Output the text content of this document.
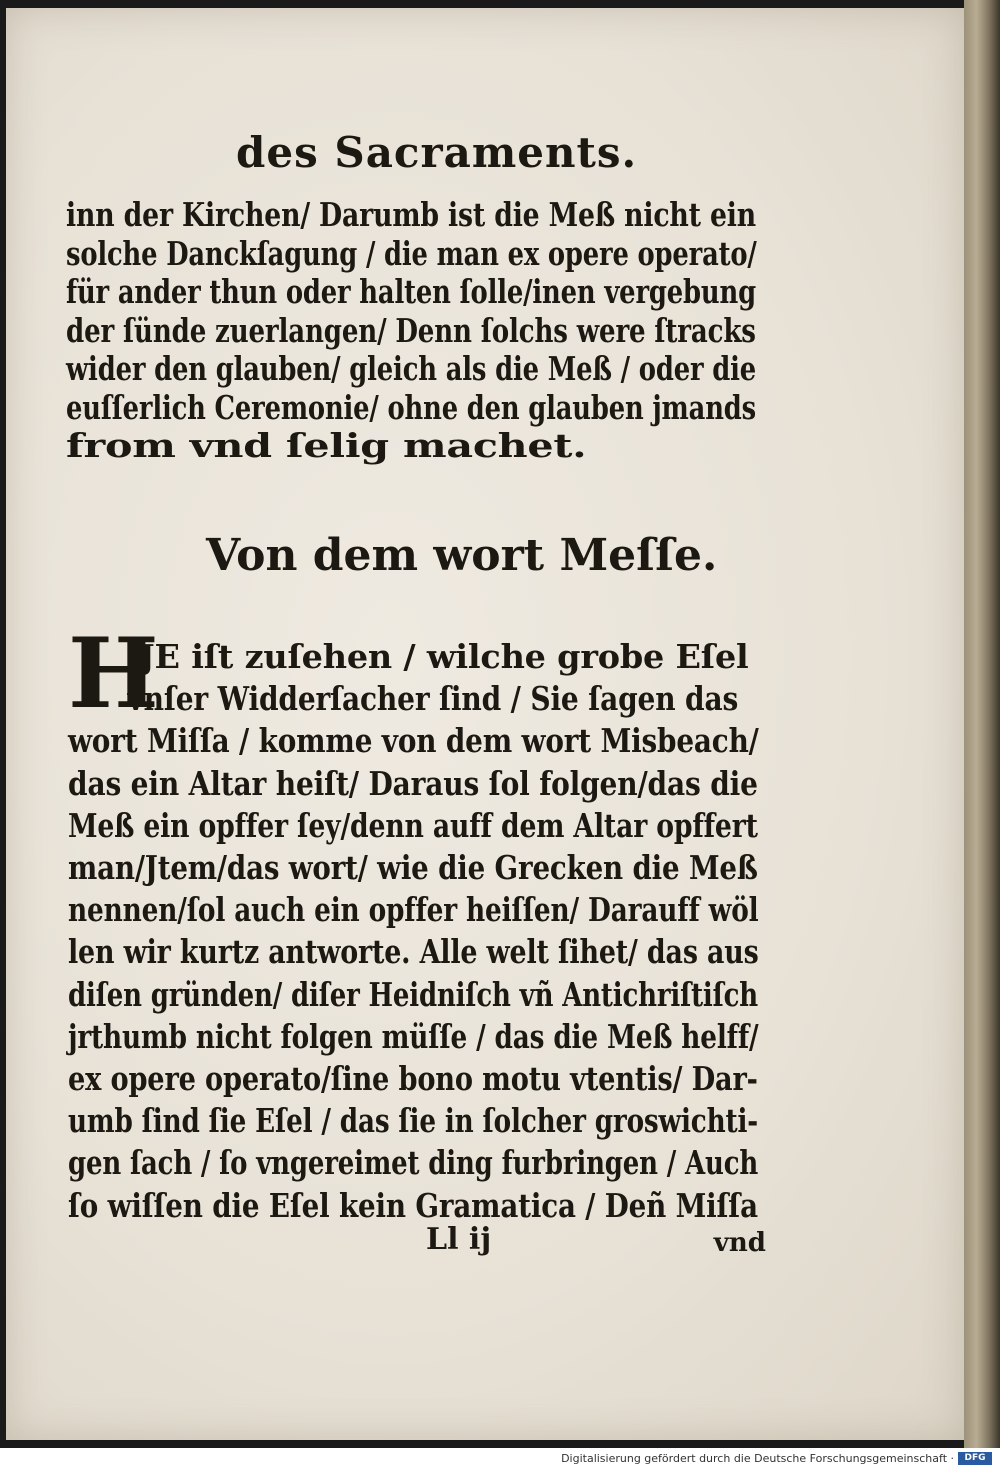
des Sacraments.
inn der Kirchen/ Darumb ist die Meß nicht ein
solche Danckſagung / die man ex opere operato/
für ander thun oder halten ſolle/inen vergebung
der ſünde zuerlangen/ Denn ſolchs were ſtracks
wider den glauben/ gleich als die Meß / oder die
euſſerlich Ceremonie/ ohne den glauben jmands
from vnd ſelig machet.
Von dem wort Meſſe.
H
JE iſt zuſehen / wilche grobe Eſel
vnſer Widderſacher ſind / Sie ſagen das
wort Miſſa / komme von dem wort Misbeach/
das ein Altar heiſt/ Daraus ſol folgen/das die
Meß ein opffer ſey/denn auff dem Altar opffert
man/Jtem/das wort/ wie die Grecken die Meß
nennen/ſol auch ein opffer heiſſen/ Darauff wöl
len wir kurtz antworte. Alle welt ſihet/ das aus
diſen gründen/ diſer Heidniſch vñ Antichriſtiſch
jrthumb nicht folgen müſſe / das die Meß helff/
ex opere operato/ſine bono motu vtentis/ Dar-
umb ſind ſie Eſel / das ſie in ſolcher groswichti-
gen ſach / ſo vngereimet ding furbringen / Auch
ſo wiſſen die Eſel kein Gramatica / Deñ Miſſa
Ll ij	vnd
Digitalisierung gefördert durch die Deutsche Forschungsgemeinschaft ·	DFG
